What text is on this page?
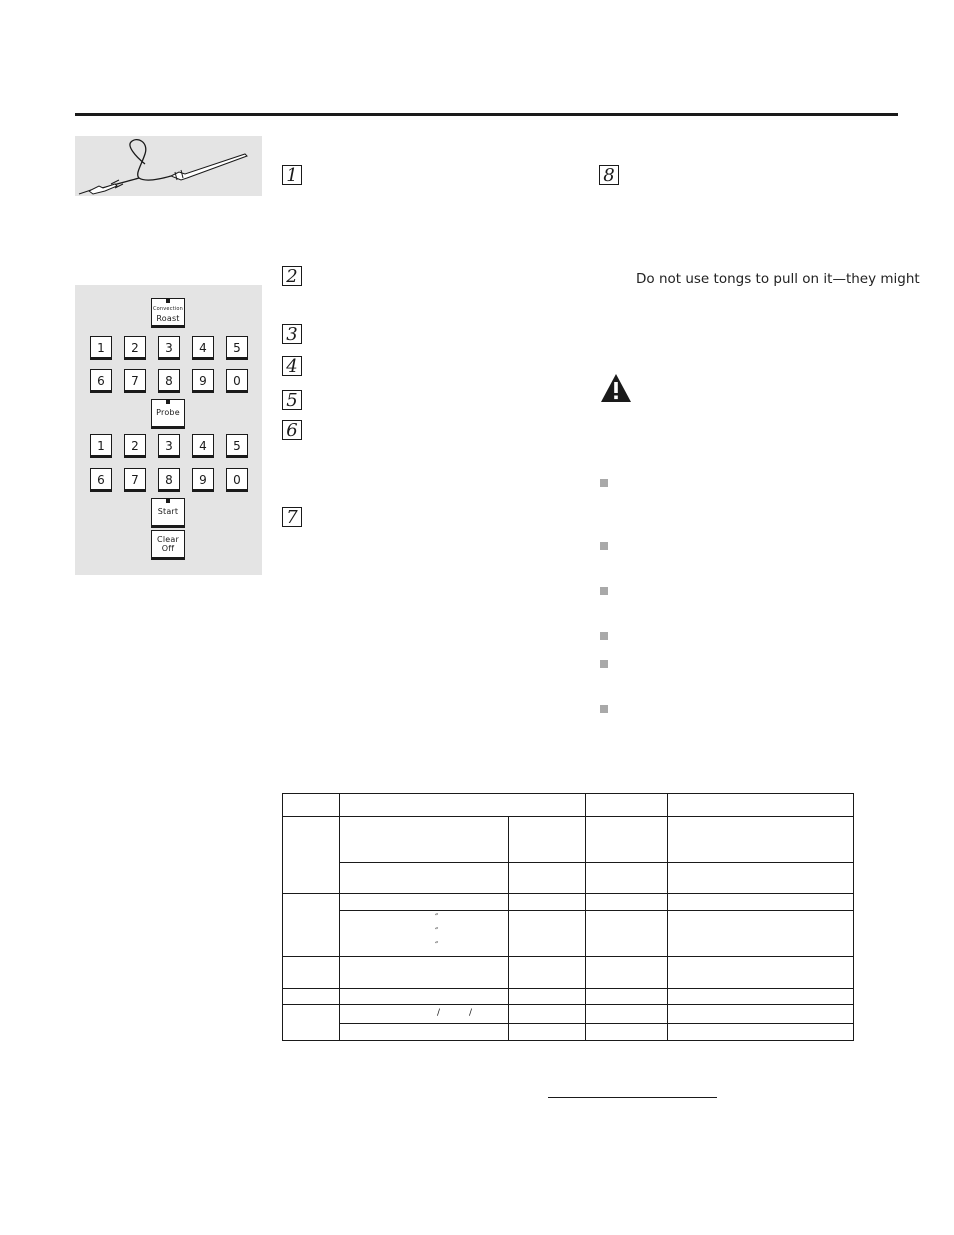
Convection
Roast
1	2	3	4	5
6	7	8	9	0
Probe
1	2	3	4	5
6	7	8	9	0
Start
Clear
Off
1
2
3
4
5
6
7
8
Do not use tongs to pull on it—they might

	″
″
″			

	/ /			
